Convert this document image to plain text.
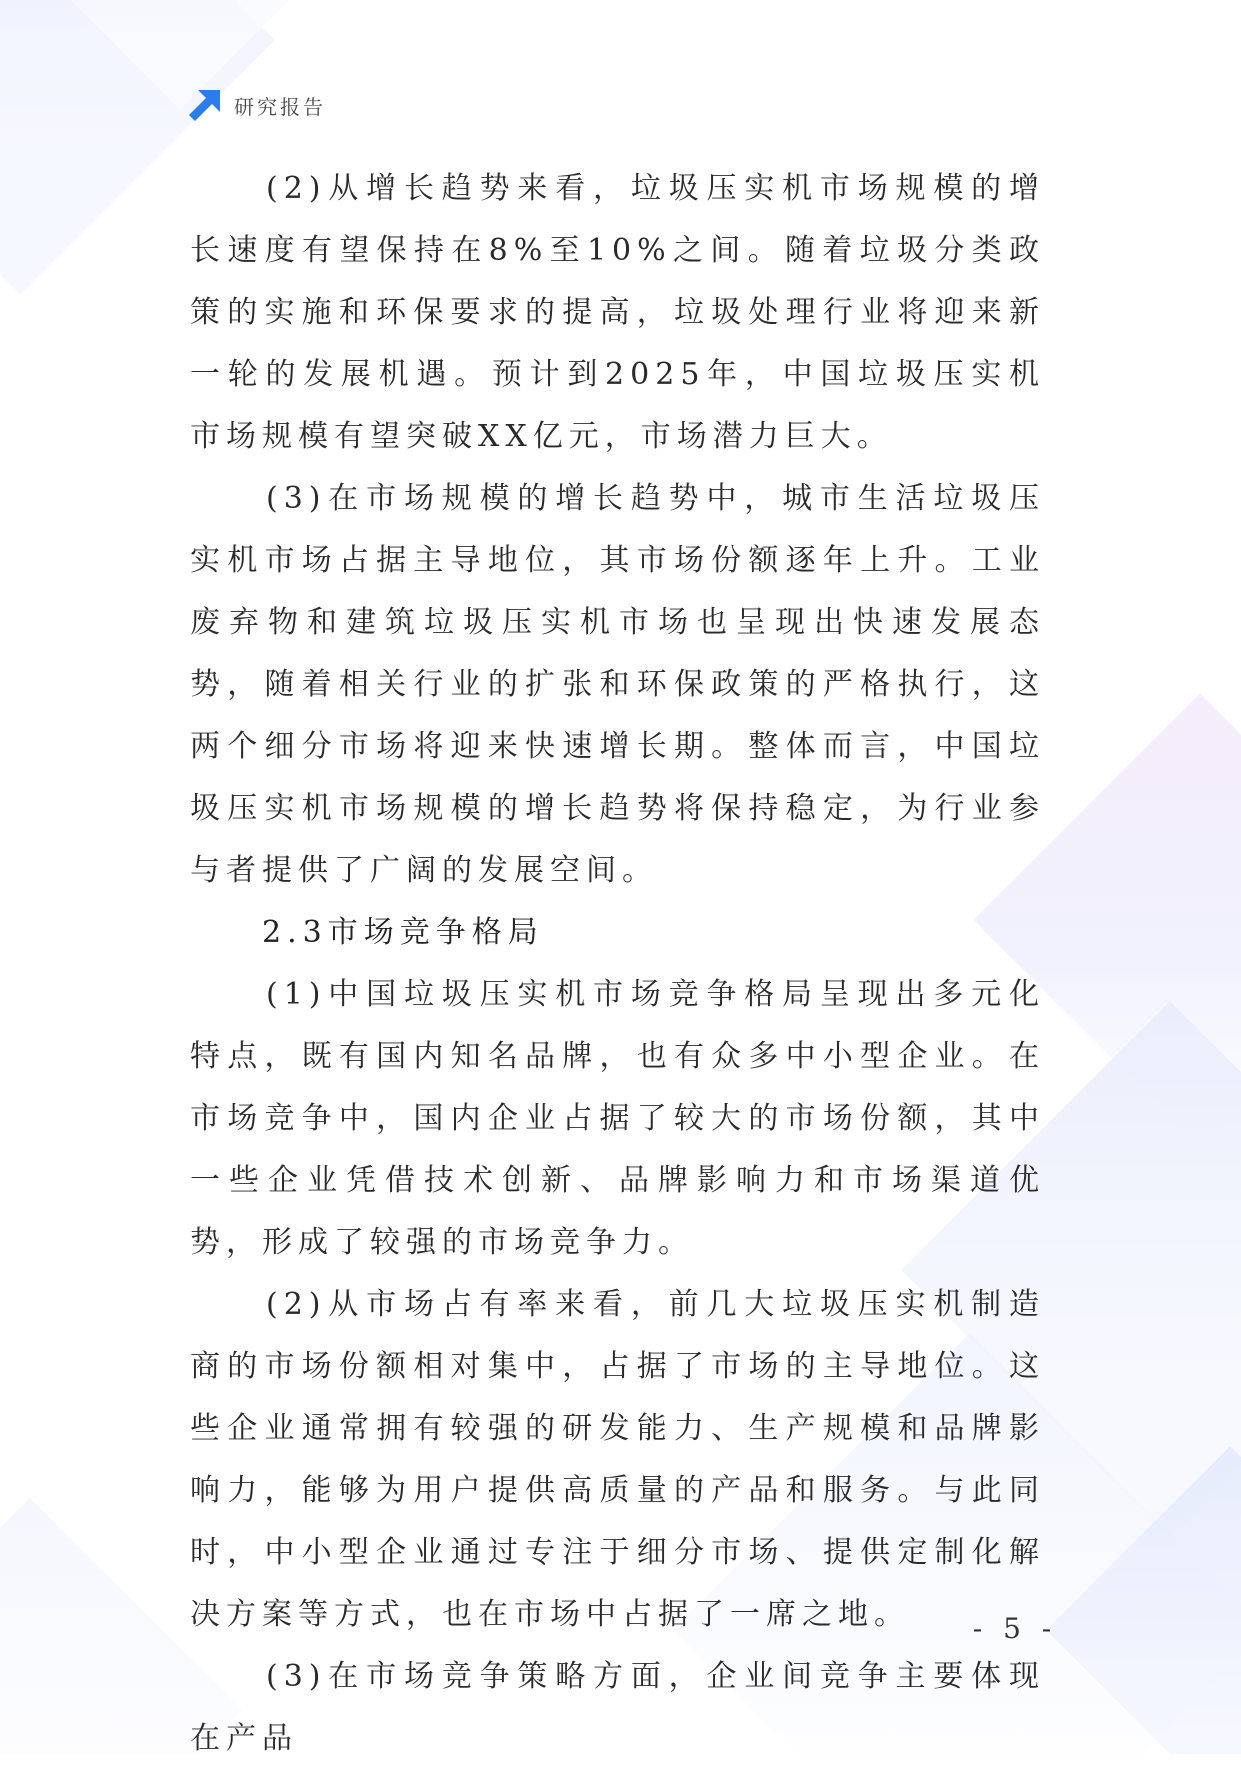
研究报告

(2)从增长趋势来看，垃圾压实机市场规模的增长速度有望保持在8%至10%之间。随着垃圾分类政策的实施和环保要求的提高，垃圾处理行业将迎来新一轮的发展机遇。预计到2025年，中国垃圾压实机市场规模有望突破XX亿元，市场潜力巨大。

(3)在市场规模的增长趋势中，城市生活垃圾压实机市场占据主导地位，其市场份额逐年上升。工业废弃物和建筑垃圾压实机市场也呈现出快速发展态势，随着相关行业的扩张和环保政策的严格执行，这两个细分市场将迎来快速增长期。整体而言，中国垃圾压实机市场规模的增长趋势将保持稳定，为行业参与者提供了广阔的发展空间。

2.3市场竞争格局

(1)中国垃圾压实机市场竞争格局呈现出多元化特点，既有国内知名品牌，也有众多中小型企业。在市场竞争中，国内企业占据了较大的市场份额，其中一些企业凭借技术创新、品牌影响力和市场渠道优势，形成了较强的市场竞争力。

(2)从市场占有率来看，前几大垃圾压实机制造商的市场份额相对集中，占据了市场的主导地位。这些企业通常拥有较强的研发能力、生产规模和品牌影响力，能够为用户提供高质量的产品和服务。与此同时，中小型企业通过专注于细分市场、提供定制化解决方案等方式，也在市场中占据了一席之地。

(3)在市场竞争策略方面，企业间竞争主要体现在产品

- 5 -
